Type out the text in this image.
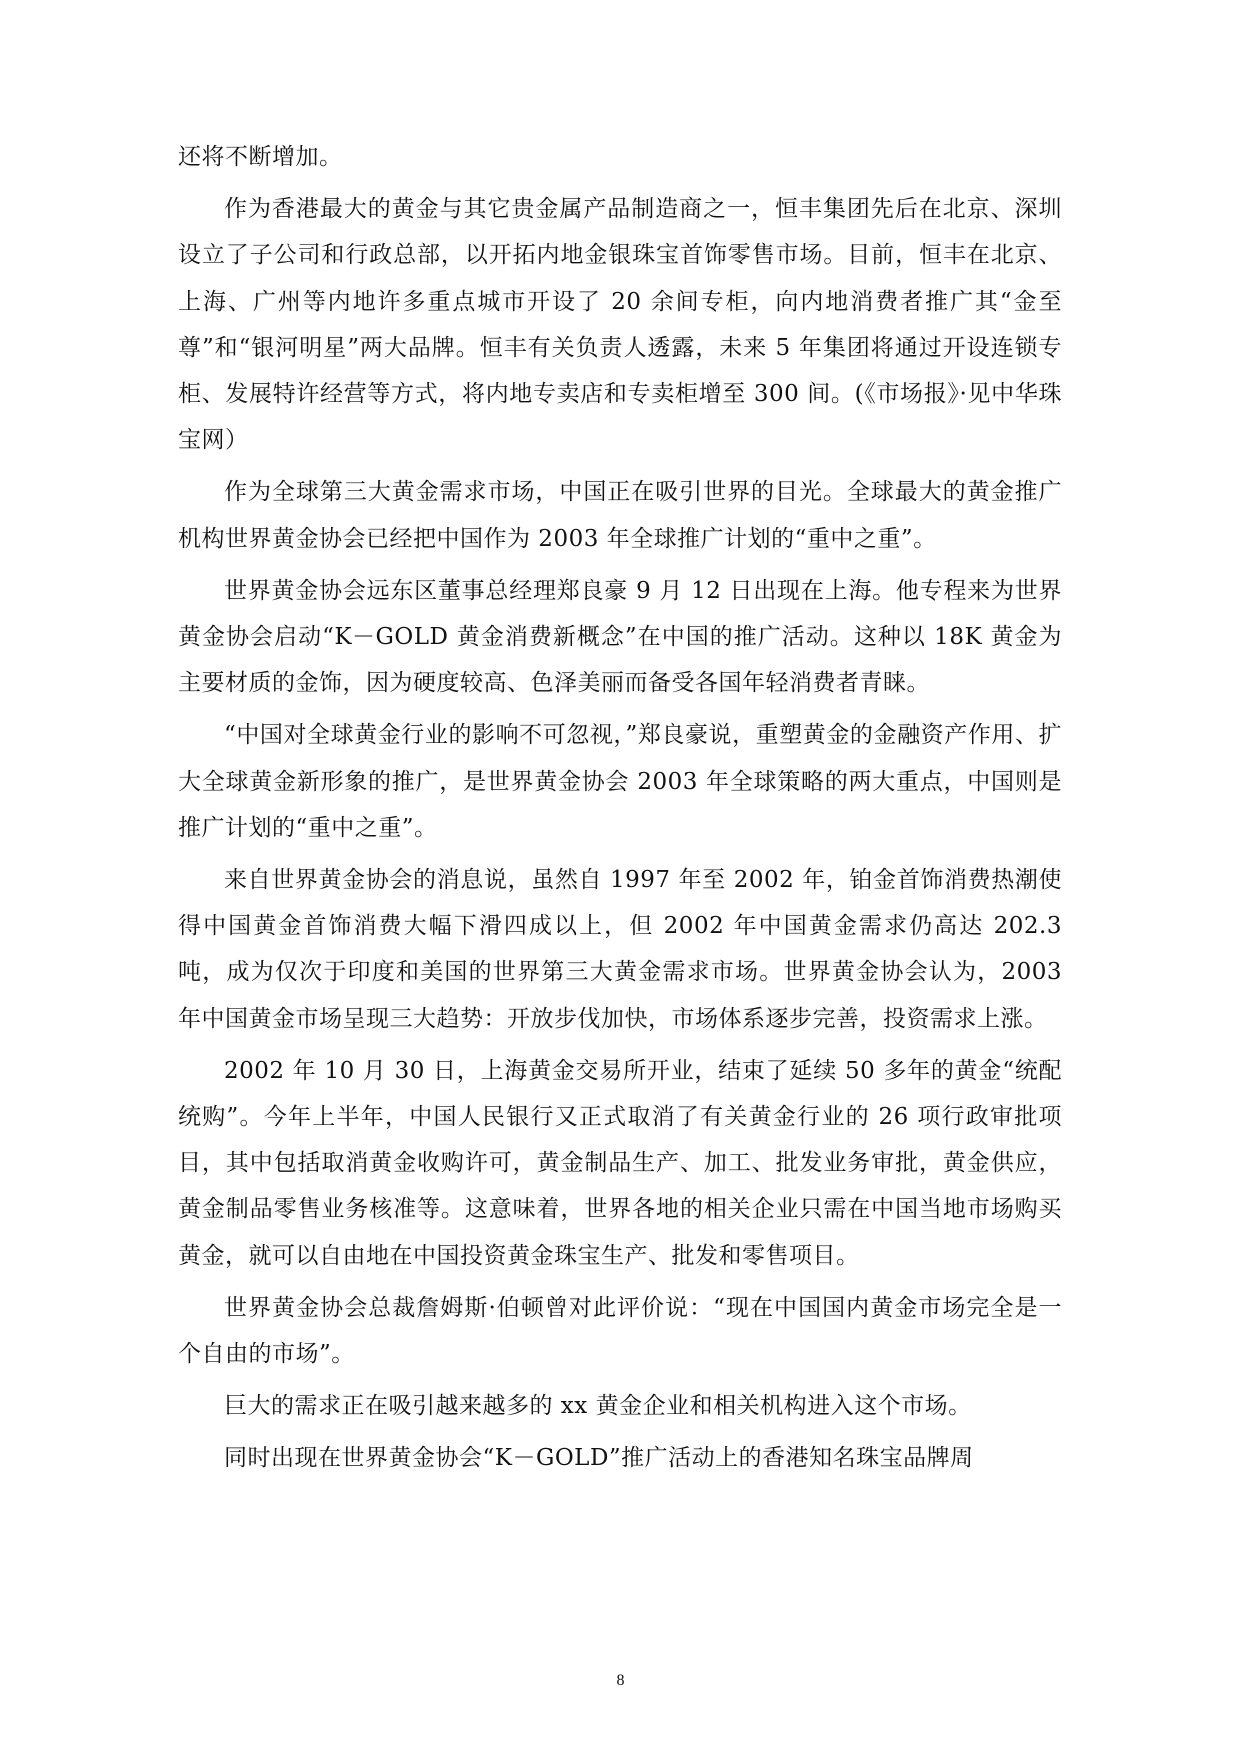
还将不断增加。

作为香港最大的黄金与其它贵金属产品制造商之一，恒丰集团先后在北京、深圳设立了子公司和行政总部，以开拓内地金银珠宝首饰零售市场。目前，恒丰在北京、上海、广州等内地许多重点城市开设了 20 余间专柜，向内地消费者推广其“金至尊”和“银河明星”两大品牌。恒丰有关负责人透露，未来 5 年集团将通过开设连锁专柜、发展特许经营等方式，将内地专卖店和专卖柜增至 300 间。(《市场报》·见中华珠宝网）

作为全球第三大黄金需求市场，中国正在吸引世界的目光。全球最大的黄金推广机构世界黄金协会已经把中国作为 2003 年全球推广计划的“重中之重”。

世界黄金协会远东区董事总经理郑良豪 9 月 12 日出现在上海。他专程来为世界黄金协会启动“K－GOLD 黄金消费新概念”在中国的推广活动。这种以 18K 黄金为主要材质的金饰，因为硬度较高、色泽美丽而备受各国年轻消费者青睐。

“中国对全球黄金行业的影响不可忽视，”郑良豪说，重塑黄金的金融资产作用、扩大全球黄金新形象的推广，是世界黄金协会 2003 年全球策略的两大重点，中国则是推广计划的“重中之重”。

来自世界黄金协会的消息说，虽然自 1997 年至 2002 年，铂金首饰消费热潮使得中国黄金首饰消费大幅下滑四成以上，但 2002 年中国黄金需求仍高达 202.3 吨，成为仅次于印度和美国的世界第三大黄金需求市场。世界黄金协会认为，2003 年中国黄金市场呈现三大趋势：开放步伐加快，市场体系逐步完善，投资需求上涨。

2002 年 10 月 30 日，上海黄金交易所开业，结束了延续 50 多年的黄金“统配统购”。今年上半年，中国人民银行又正式取消了有关黄金行业的 26 项行政审批项目，其中包括取消黄金收购许可，黄金制品生产、加工、批发业务审批，黄金供应，黄金制品零售业务核准等。这意味着，世界各地的相关企业只需在中国当地市场购买黄金，就可以自由地在中国投资黄金珠宝生产、批发和零售项目。

世界黄金协会总裁詹姆斯·伯顿曾对此评价说：“现在中国国内黄金市场完全是一个自由的市场”。

巨大的需求正在吸引越来越多的 xx 黄金企业和相关机构进入这个市场。

同时出现在世界黄金协会“K－GOLD”推广活动上的香港知名珠宝品牌周

8
